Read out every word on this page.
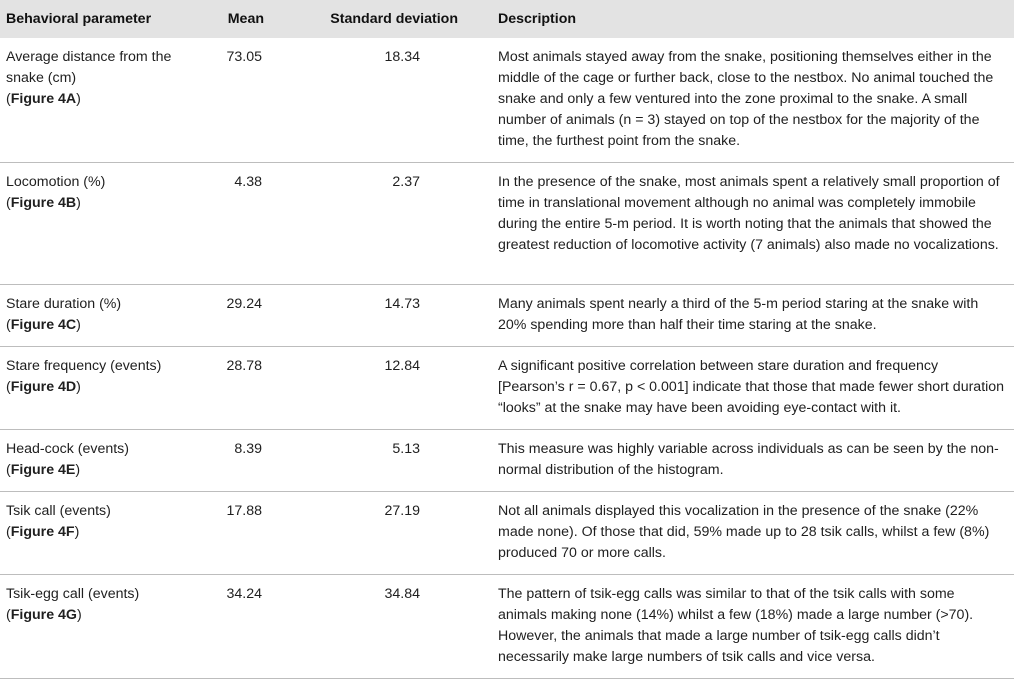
Behavioral parameter	Mean	Standard deviation	Description
Average distance from the snake (cm)
(Figure 4A)	73.05	18.34	Most animals stayed away from the snake, positioning themselves either in the middle of the cage or further back, close to the nestbox. No animal touched the snake and only a few ventured into the zone proximal to the snake. A small number of animals (n = 3) stayed on top of the nestbox for the majority of the time, the furthest point from the snake.
Locomotion (%)
(Figure 4B)	4.38	2.37	In the presence of the snake, most animals spent a relatively small proportion of time in translational movement although no animal was completely immobile during the entire 5-m period. It is worth noting that the animals that showed the greatest reduction of locomotive activity (7 animals) also made no vocalizations.
Stare duration (%)
(Figure 4C)	29.24	14.73	Many animals spent nearly a third of the 5-m period staring at the snake with 20% spending more than half their time staring at the snake.
Stare frequency (events)
(Figure 4D)	28.78	12.84	A significant positive correlation between stare duration and frequency [Pearson’s r = 0.67, p < 0.001] indicate that those that made fewer short duration “looks” at the snake may have been avoiding eye-contact with it.
Head-cock (events)
(Figure 4E)	8.39	5.13	This measure was highly variable across individuals as can be seen by the non-normal distribution of the histogram.
Tsik call (events)
(Figure 4F)	17.88	27.19	Not all animals displayed this vocalization in the presence of the snake (22% made none). Of those that did, 59% made up to 28 tsik calls, whilst a few (8%) produced 70 or more calls.
Tsik-egg call (events)
(Figure 4G)	34.24	34.84	The pattern of tsik-egg calls was similar to that of the tsik calls with some animals making none (14%) whilst a few (18%) made a large number (>70). However, the animals that made a large number of tsik-egg calls didn’t necessarily make large numbers of tsik calls and vice versa.
